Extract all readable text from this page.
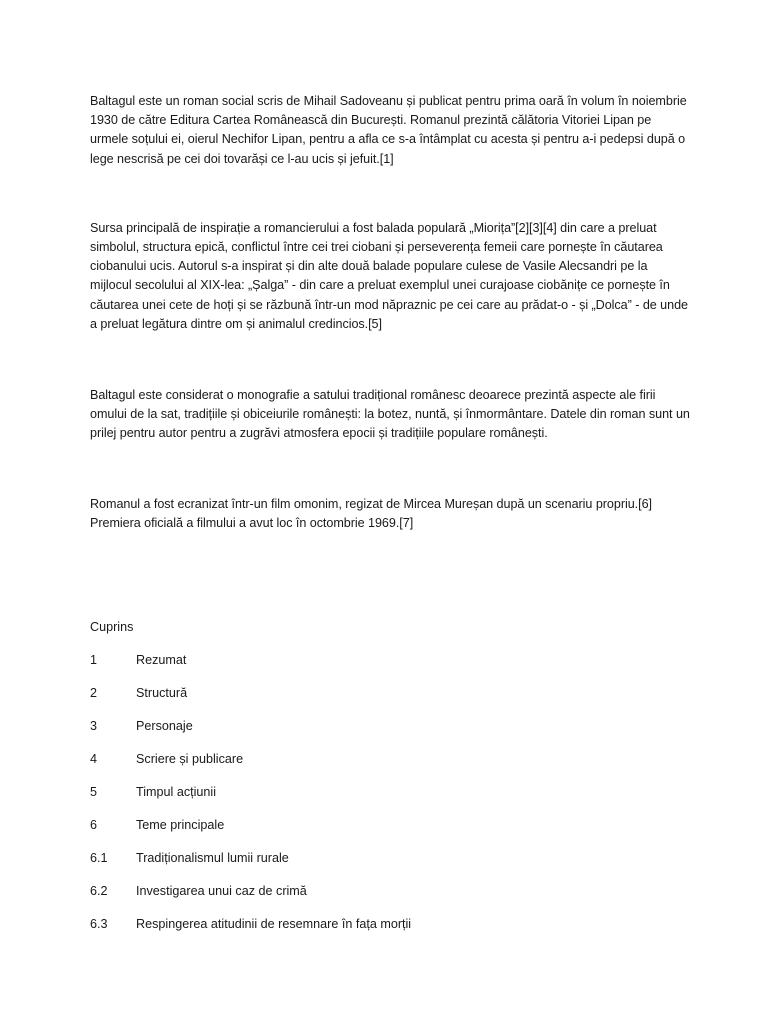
Baltagul este un roman social scris de Mihail Sadoveanu și publicat pentru prima oară în volum în noiembrie 1930 de către Editura Cartea Românească din București. Romanul prezintă călătoria Vitoriei Lipan pe urmele soțului ei, oierul Nechifor Lipan, pentru a afla ce s-a întâmplat cu acesta și pentru a-i pedepsi după o lege nescrisă pe cei doi tovarăși ce l-au ucis și jefuit.[1]

Sursa principală de inspirație a romancierului a fost balada populară „Miorița”[2][3][4] din care a preluat simbolul, structura epică, conflictul între cei trei ciobani și perseverența femeii care pornește în căutarea ciobanului ucis. Autorul s-a inspirat și din alte două balade populare culese de Vasile Alecsandri pe la mijlocul secolului al XIX-lea: „Șalga” - din care a preluat exemplul unei curajoase ciobănițe ce pornește în căutarea unei cete de hoți și se răzbună într-un mod năpraznic pe cei care au prădat-o - și „Dolca” - de unde a preluat legătura dintre om și animalul credincios.[5]

Baltagul este considerat o monografie a satului tradițional românesc deoarece prezintă aspecte ale firii omului de la sat, tradițiile și obiceiurile românești: la botez, nuntă, și înmormântare. Datele din roman sunt un prilej pentru autor pentru a zugrăvi atmosfera epocii și tradițiile populare românești.

Romanul a fost ecranizat într-un film omonim, regizat de Mircea Mureșan după un scenariu propriu.[6] Premiera oficială a filmului a avut loc în octombrie 1969.[7]

Cuprins
1	Rezumat
2	Structură
3	Personaje
4	Scriere și publicare
5	Timpul acțiunii
6	Teme principale
6.1	Tradiționalismul lumii rurale
6.2	Investigarea unui caz de crimă
6.3	Respingerea atitudinii de resemnare în fața morții
